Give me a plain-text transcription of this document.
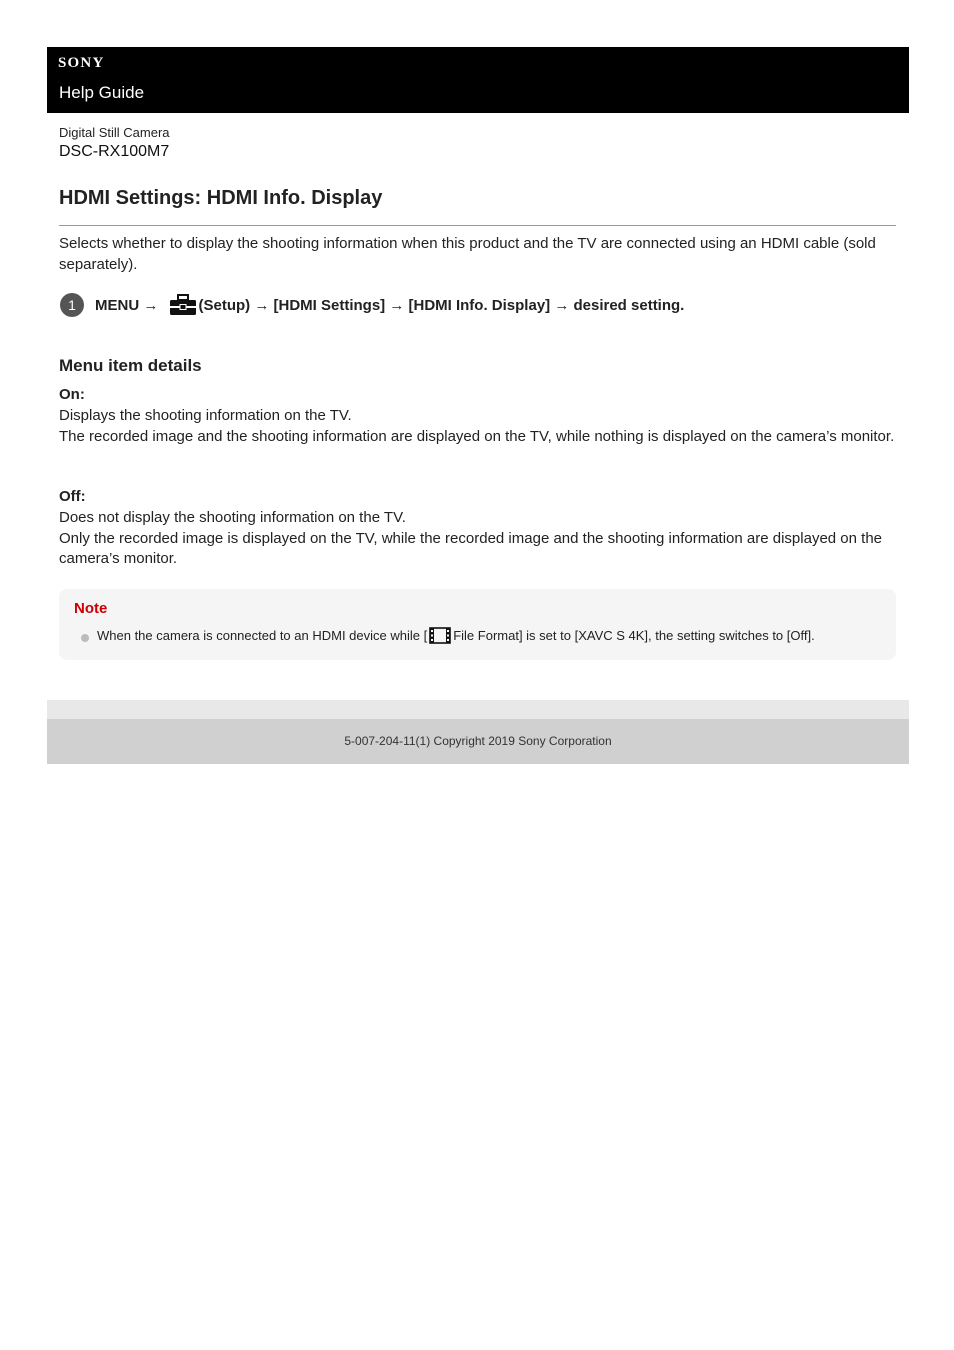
SONY
Help Guide
Digital Still Camera
DSC-RX100M7
HDMI Settings: HDMI Info. Display

Selects whether to display the shooting information when this product and the TV are connected using an HDMI cable (sold separately).

1	MENU → (Setup) → [HDMI Settings] → [HDMI Info. Display] → desired setting.
Menu item details
On:
Displays the shooting information on the TV.
The recorded image and the shooting information are displayed on the TV, while nothing is displayed on the camera’s monitor.
Off:
Does not display the shooting information on the TV.
Only the recorded image is displayed on the TV, while the recorded image and the shooting information are displayed on the camera’s monitor.
Note
When the camera is connected to an HDMI device while [ File Format] is set to [XAVC S 4K], the setting switches to [Off].
5-007-204-11(1) Copyright 2019 Sony Corporation
